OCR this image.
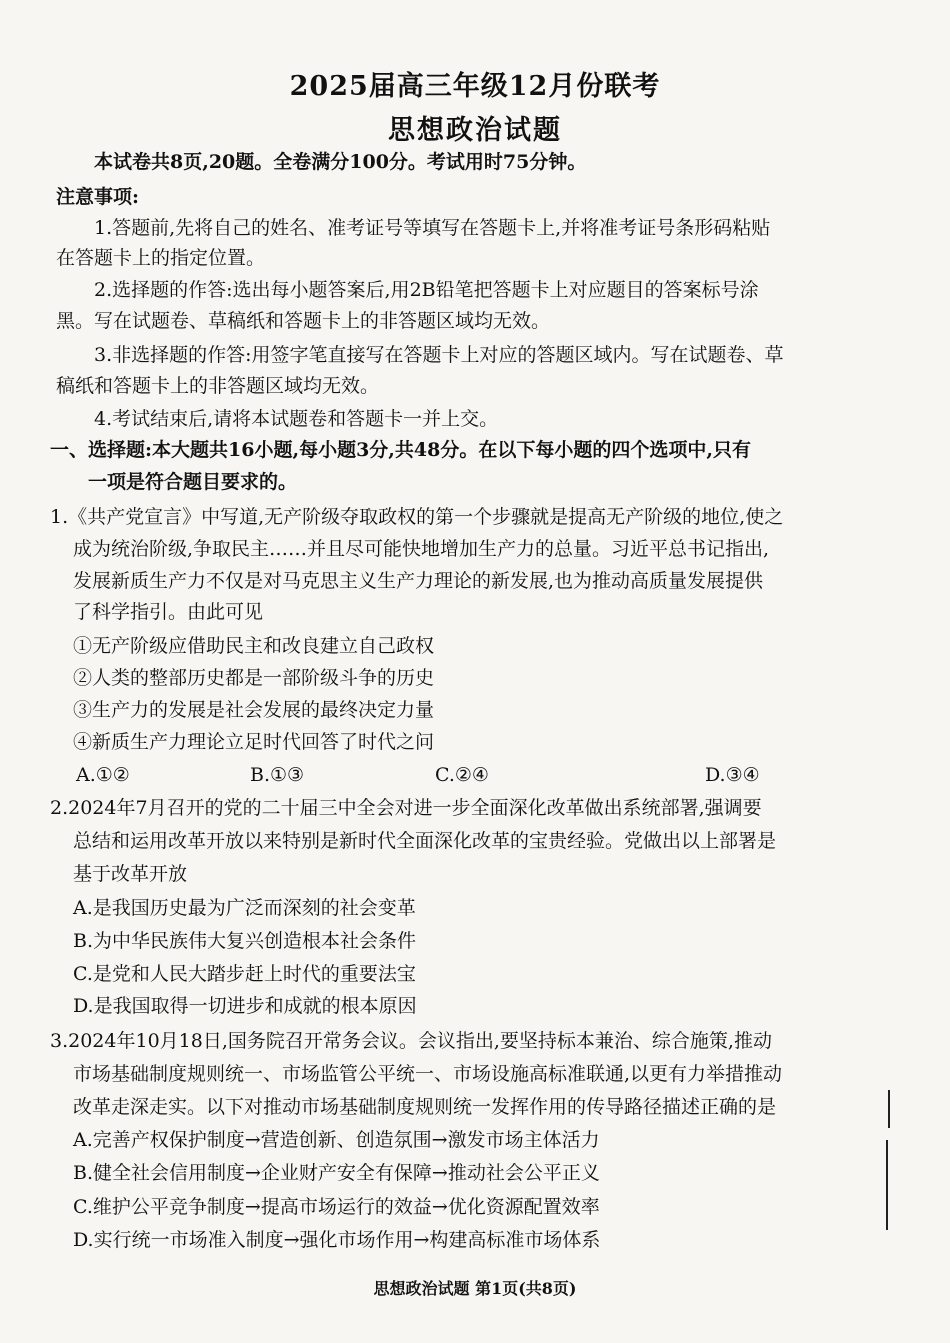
2025届高三年级12月份联考
思想政治试题
本试卷共8页,20题。全卷满分100分。考试用时75分钟。
注意事项:
1.答题前,先将自己的姓名、准考证号等填写在答题卡上,并将准考证号条形码粘贴
在答题卡上的指定位置。
2.选择题的作答:选出每小题答案后,用2B铅笔把答题卡上对应题目的答案标号涂
黑。写在试题卷、草稿纸和答题卡上的非答题区域均无效。
3.非选择题的作答:用签字笔直接写在答题卡上对应的答题区域内。写在试题卷、草
稿纸和答题卡上的非答题区域均无效。
4.考试结束后,请将本试题卷和答题卡一并上交。
一、选择题:本大题共16小题,每小题3分,共48分。在以下每小题的四个选项中,只有
一项是符合题目要求的。
1.《共产党宣言》中写道,无产阶级夺取政权的第一个步骤就是提高无产阶级的地位,使之
成为统治阶级,争取民主……并且尽可能快地增加生产力的总量。习近平总书记指出,
发展新质生产力不仅是对马克思主义生产力理论的新发展,也为推动高质量发展提供
了科学指引。由此可见
①无产阶级应借助民主和改良建立自己政权
②人类的整部历史都是一部阶级斗争的历史
③生产力的发展是社会发展的最终决定力量
④新质生产力理论立足时代回答了时代之问
A.①②	B.①③	C.②④	D.③④
2.2024年7月召开的党的二十届三中全会对进一步全面深化改革做出系统部署,强调要
总结和运用改革开放以来特别是新时代全面深化改革的宝贵经验。党做出以上部署是
基于改革开放
A.是我国历史最为广泛而深刻的社会变革
B.为中华民族伟大复兴创造根本社会条件
C.是党和人民大踏步赶上时代的重要法宝
D.是我国取得一切进步和成就的根本原因
3.2024年10月18日,国务院召开常务会议。会议指出,要坚持标本兼治、综合施策,推动
市场基础制度规则统一、市场监管公平统一、市场设施高标准联通,以更有力举措推动
改革走深走实。以下对推动市场基础制度规则统一发挥作用的传导路径描述正确的是
A.完善产权保护制度→营造创新、创造氛围→激发市场主体活力
B.健全社会信用制度→企业财产安全有保障→推动社会公平正义
C.维护公平竞争制度→提高市场运行的效益→优化资源配置效率
D.实行统一市场准入制度→强化市场作用→构建高标准市场体系
思想政治试题 第1页(共8页)
